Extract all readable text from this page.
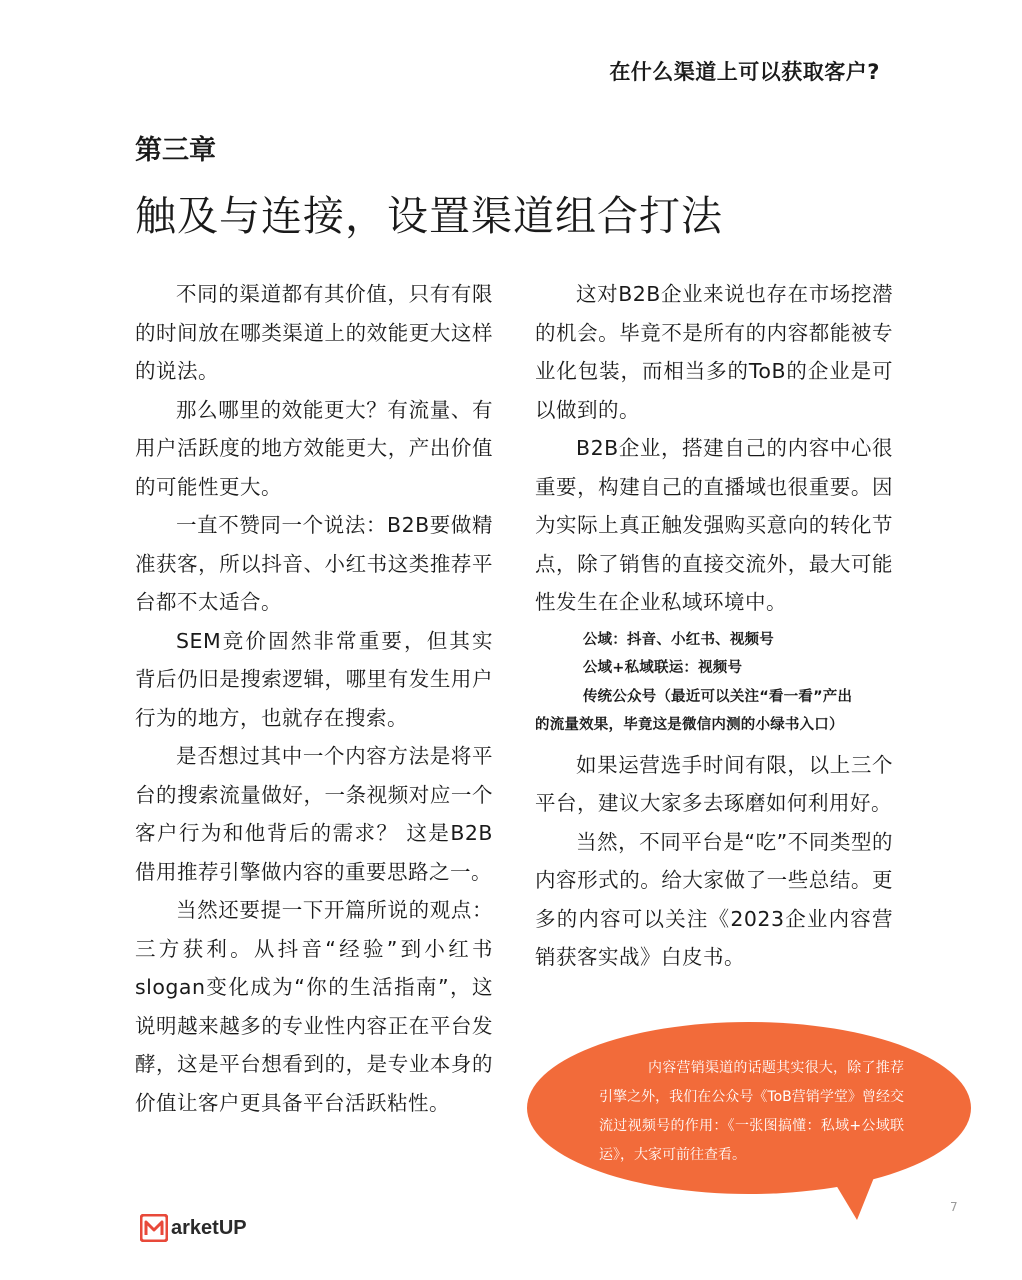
在什么渠道上可以获取客户?
第三章
触及与连接，设置渠道组合打法

不同的渠道都有其价值，只有有限的时间放在哪类渠道上的效能更大这样的说法。

那么哪里的效能更大？有流量、有用户活跃度的地方效能更大，产出价值的可能性更大。

一直不赞同一个说法：B2B要做精准获客，所以抖音、小红书这类推荐平台都不太适合。

SEM竞价固然非常重要，但其实背后仍旧是搜索逻辑，哪里有发生用户行为的地方，也就存在搜索。

是否想过其中一个内容方法是将平台的搜索流量做好，一条视频对应一个客户行为和他背后的需求？ 这是B2B借用推荐引擎做内容的重要思路之一。

当然还要提一下开篇所说的观点：三方获利。从抖音“经验”到小红书slogan变化成为“你的生活指南”，这说明越来越多的专业性内容正在平台发酵，这是平台想看到的，是专业本身的价值让客户更具备平台活跃粘性。

这对B2B企业来说也存在市场挖潜的机会。毕竟不是所有的内容都能被专业化包装，而相当多的ToB的企业是可以做到的。

B2B企业，搭建自己的内容中心很重要，构建自己的直播域也很重要。因为实际上真正触发强购买意向的转化节点，除了销售的直接交流外，最大可能性发生在企业私域环境中。

公域：抖音、小红书、视频号

公域+私域联运：视频号

传统公众号（最近可以关注“看一看”产出

的流量效果，毕竟这是微信内测的小绿书入口）

如果运营选手时间有限，以上三个平台，建议大家多去琢磨如何利用好。

当然，不同平台是“吃”不同类型的内容形式的。给大家做了一些总结。更多的内容可以关注《2023企业内容营销获客实战》白皮书。

内容营销渠道的话题其实很大，除了推荐引擎之外，我们在公众号《ToB营销学堂》曾经交流过视频号的作用：《一张图搞懂：私域+公域联运》，大家可前往查看。

7
arketUP
